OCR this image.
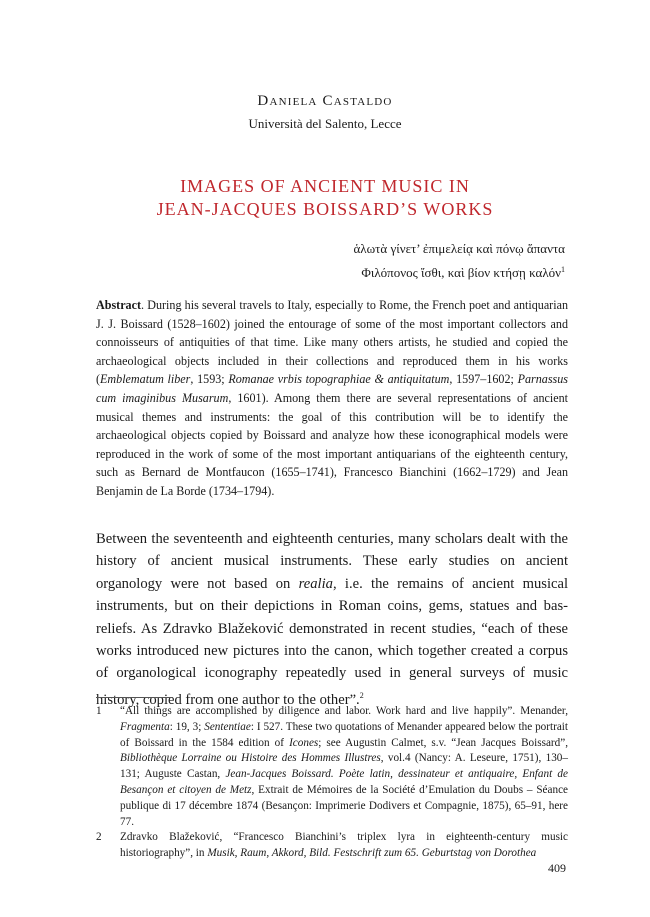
Daniela Castaldo
Università del Salento, Lecce
IMAGES OF ANCIENT MUSIC IN
JEAN-JACQUES BOISSARD’S WORKS
ἁλωτὰ γίνετ’ ἐπιμελείᾳ καὶ πόνῳ ἅπαντα
Φιλόπονος ἴσθι, καὶ βίον κτήσῃ καλόν$^1$
Abstract. During his several travels to Italy, especially to Rome, the French poet and antiquarian J. J. Boissard (1528–1602) joined the entourage of some of the most important collectors and connoisseurs of antiquities of that time. Like many others artists, he studied and copied the archaeological objects included in their collections and reproduced them in his works (Emblematum liber, 1593; Romanae vrbis topographiae & antiquitatum, 1597–1602; Parnassus cum imaginibus Musarum, 1601). Among them there are several representations of ancient musical themes and instruments: the goal of this contribution will be to identify the archaeological objects copied by Boissard and analyze how these iconographical models were reproduced in the work of some of the most important antiquarians of the eighteenth century, such as Bernard de Montfaucon (1655–1741), Francesco Bianchini (1662–1729) and Jean Benjamin de La Borde (1734–1794).
Between the seventeenth and eighteenth centuries, many scholars dealt with the history of ancient musical instruments. These early studies on ancient organology were not based on realia, i.e. the remains of ancient musical instruments, but on their depictions in Roman coins, gems, statues and bas-reliefs. As Zdravko Blažeković demonstrated in recent studies, “each of these works introduced new pictures into the canon, which together created a corpus of organological iconography repeatedly used in general surveys of music history, copied from one author to the other”.$^2$
1 “All things are accomplished by diligence and labor. Work hard and live happily”. Menander, Fragmenta: 19, 3; Sententiae: I 527. These two quotations of Menander appeared below the portrait of Boissard in the 1584 edition of Icones; see Augustin Calmet, s.v. “Jean Jacques Boissard”, Bibliothèque Lorraine ou Histoire des Hommes Illustres, vol.4 (Nancy: A. Leseure, 1751), 130–131; Auguste Castan, Jean-Jacques Boissard. Poète latin, dessinateur et antiquaire, Enfant de Besançon et citoyen de Metz, Extrait de Mémoires de la Société d’Emulation du Doubs – Séance publique di 17 décembre 1874 (Besançon: Imprimerie Dodivers et Compagnie, 1875), 65–91, here 77.
2 Zdravko Blažeković, “Francesco Bianchini’s triplex lyra in eighteenth-century music historiography”, in Musik, Raum, Akkord, Bild. Festschrift zum 65. Geburtstag von Dorothea
409
